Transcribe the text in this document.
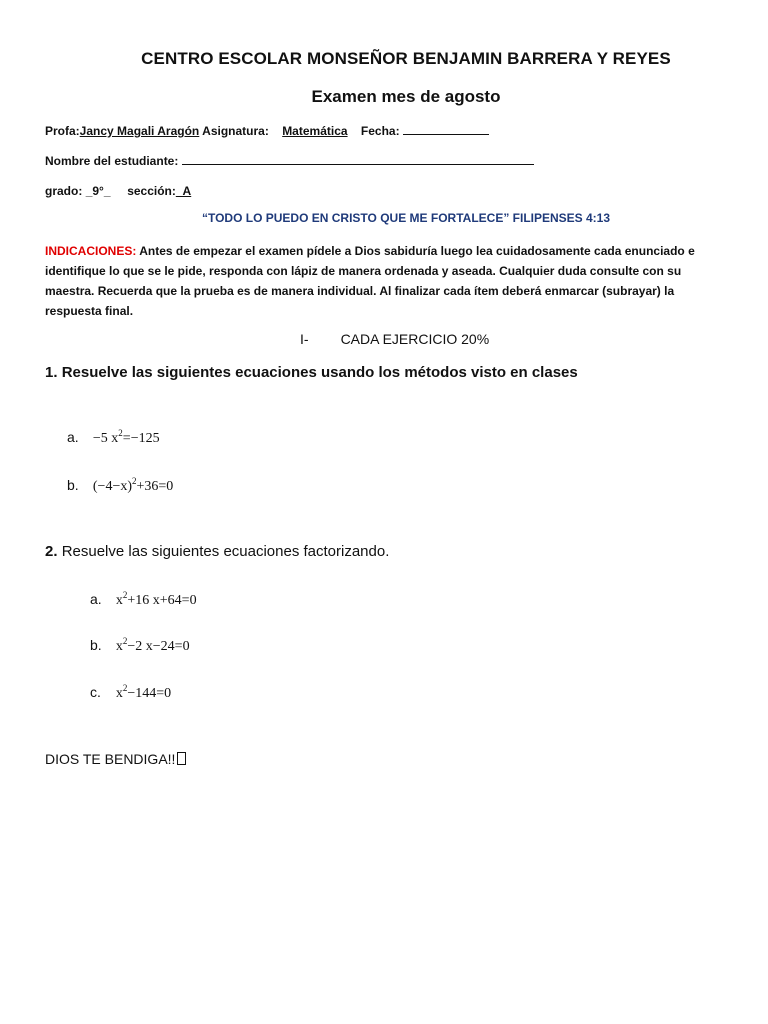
CENTRO ESCOLAR MONSEÑOR BENJAMIN BARRERA Y REYES
Examen mes de agosto
Profa:Jancy Magali Aragón Asignatura: Matemática Fecha:
Nombre del estudiante:
grado: _9°_ sección:_A
“TODO LO PUEDO EN CRISTO QUE ME FORTALECE” FILIPENSES 4:13
INDICACIONES: Antes de empezar el examen pídele a Dios sabiduría luego lea cuidadosamente cada enunciado e identifique lo que se le pide, responda con lápiz de manera ordenada y aseada. Cualquier duda consulte con su maestra. Recuerda que la prueba es de manera individual. Al finalizar cada ítem deberá enmarcar (subrayar) la respuesta final.
I- CADA EJERCICIO 20%
1. Resuelve las siguientes ecuaciones usando los métodos visto en clases
a. −5 $x^2=-125$
b. $(-4-x)^2+36=0$
2. Resuelve las siguientes ecuaciones factorizando.
a. $x^2+16$ x+64=0
b. $x^2-2$ x−24=0
c. $x^2-144=0$
DIOS TE BENDIGA!!
